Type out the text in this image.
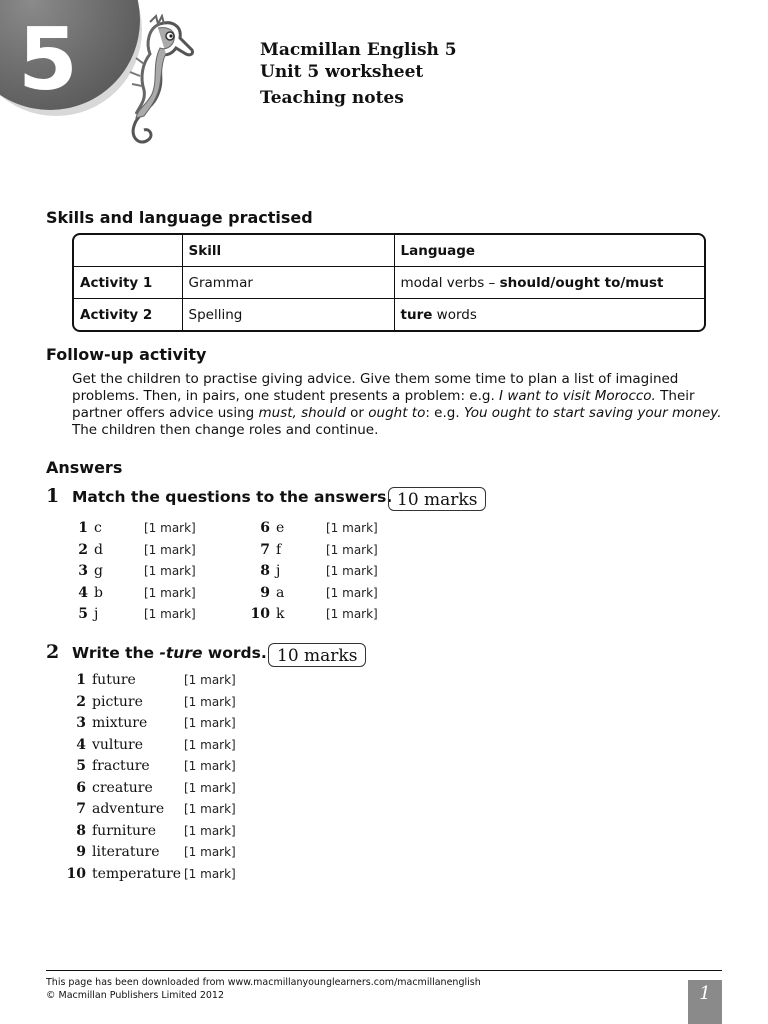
5	Macmillan English 5
Unit 5 worksheet
Teaching notes
Skills and language practised
	Skill	Language
Activity 1	Grammar	modal verbs – should/ought to/must
Activity 2	Spelling	ture words
Follow-up activity
Get the children to practise giving advice. Give them some time to plan a list of imagined problems. Then, in pairs, one student presents a problem: e.g. I want to visit Morocco. Their partner offers advice using must, should or ought to: e.g. You ought to start saving your money. The children then change roles and continue.
Answers
1 Match the questions to the answers. 10 marks
1 c	[1 mark]
2 d	[1 mark]
3 g	[1 mark]
4 b	[1 mark]
5 j	[1 mark]
6 e	[1 mark]
7 f	[1 mark]
8 j	[1 mark]
9 a	[1 mark]
10 k	[1 mark]
2 Write the -ture words. 10 marks
1 future	[1 mark]
2 picture	[1 mark]
3 mixture	[1 mark]
4 vulture	[1 mark]
5 fracture	[1 mark]
6 creature	[1 mark]
7 adventure [1 mark]
8 furniture [1 mark]
9 literature [1 mark]
10 temperature [1 mark]
This page has been downloaded from www.macmillanyounglearners.com/macmillanenglish
© Macmillan Publishers Limited 2012	1
